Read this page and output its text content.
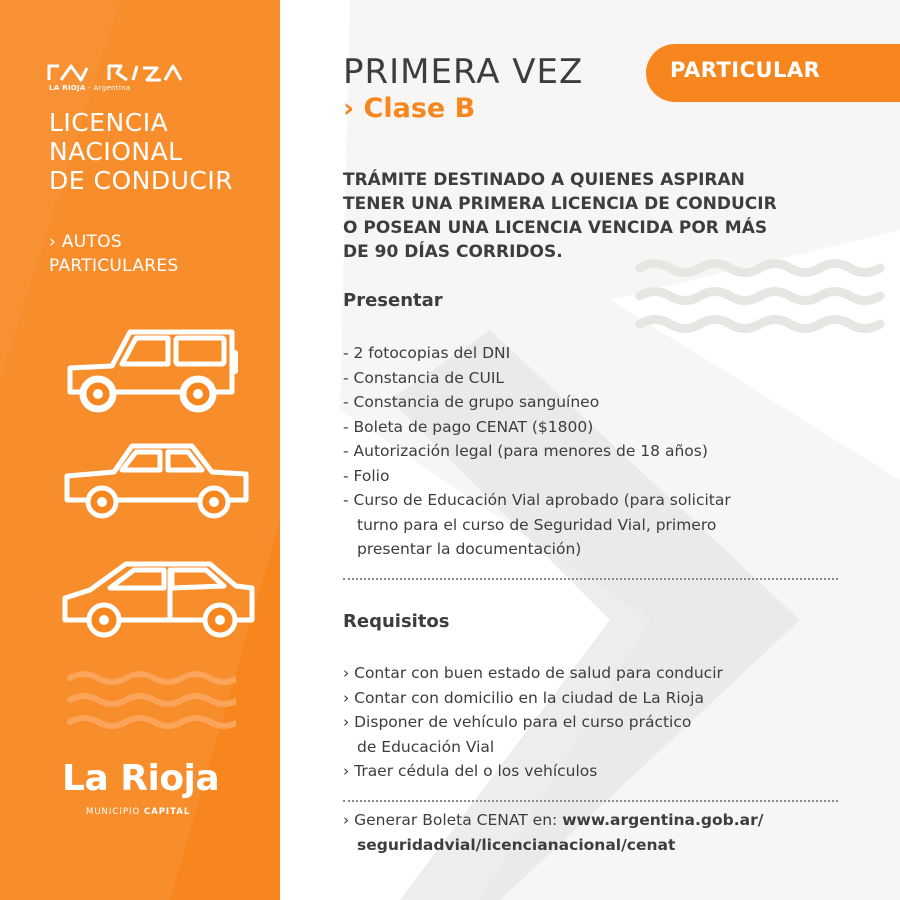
LA RIOJA - Argentina
LICENCIA
NACIONAL
DE CONDUCIR
› AUTOS
PARTICULARES
La Rioja
MUNICIPIO CAPITAL
PARTICULAR
PRIMERA VEZ
› Clase B
TRÁMITE DESTINADO A QUIENES ASPIRAN
TENER UNA PRIMERA LICENCIA DE CONDUCIR
O POSEAN UNA LICENCIA VENCIDA POR MÁS
DE 90 DÍAS CORRIDOS.
Presentar
- 2 fotocopias del DNI
- Constancia de CUIL
- Constancia de grupo sanguíneo
- Boleta de pago CENAT ($1800)
- Autorización legal (para menores de 18 años)
- Folio
- Curso de Educación Vial aprobado (para solicitar
turno para el curso de Seguridad Vial, primero
presentar la documentación)
Requisitos
› Contar con buen estado de salud para conducir
› Contar con domicilio en la ciudad de La Rioja
› Disponer de vehículo para el curso práctico
de Educación Vial
› Traer cédula del o los vehículos
› Generar Boleta CENAT en: www.argentina.gob.ar/
seguridadvial/licencianacional/cenat
